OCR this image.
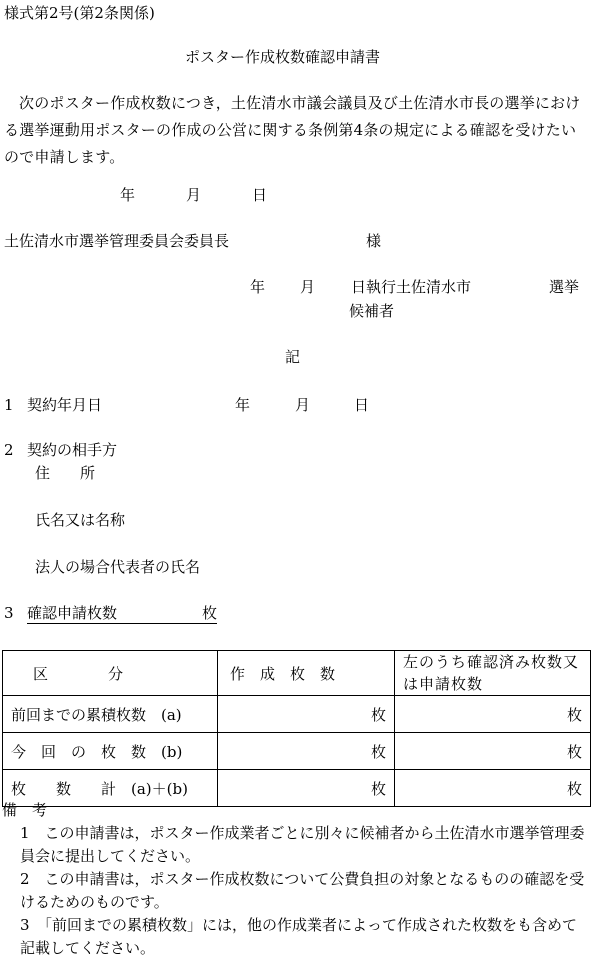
様式第2号(第2条関係)
ポスター作成枚数確認申請書
次のポスター作成枚数につき，土佐清水市議会議員及び土佐清水市長の選挙における選挙運動用ポスターの作成の公営に関する条例第4条の規定による確認を受けたいので申請します。
年	月	日
土佐清水市選挙管理委員会委員長	様
年 月 日執行土佐清水市	選挙
候補者
記
1 契約年月日	年	月	日
2 契約の相手方
住　　所
氏名又は名称
法人の場合代表者の氏名
3 確認申請枚数	枚
区　　　　分	作　成　枚　数	左のうち確認済み枚数又は申請枚数
前回までの累積枚数　(a)	枚	枚
今　回　の　枚　数　(b)	枚	枚
枚　　数　　計　(a)＋(b)	枚	枚
備　考
1　この申請書は，ポスター作成業者ごとに別々に候補者から土佐清水市選挙管理委員会に提出してください。
2　この申請書は，ポスター作成枚数について公費負担の対象となるものの確認を受けるためのものです。
3　「前回までの累積枚数」には，他の作成業者によって作成された枚数をも含めて記載してください。
